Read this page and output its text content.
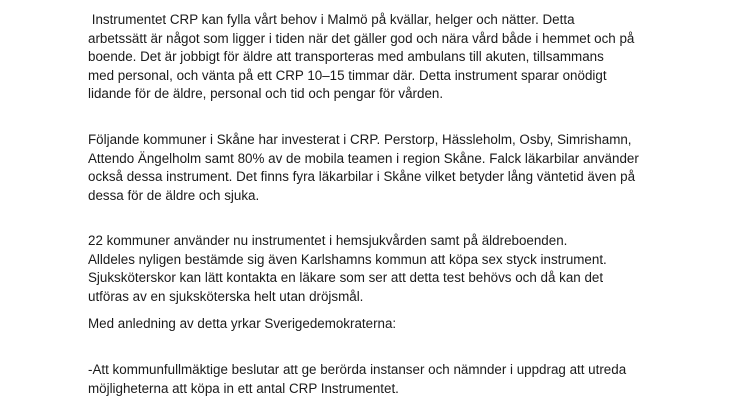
Instrumentet CRP kan fylla vårt behov i Malmö på kvällar, helger och nätter. Detta
arbetssätt är något som ligger i tiden när det gäller god och nära vård både i hemmet och på
boende. Det är jobbigt för äldre att transporteras med ambulans till akuten, tillsammans
med personal, och vänta på ett CRP 10–15 timmar där. Detta instrument sparar onödigt
lidande för de äldre, personal och tid och pengar för vården.

Följande kommuner i Skåne har investerat i CRP. Perstorp, Hässleholm, Osby, Simrishamn,
Attendo Ängelholm samt 80% av de mobila teamen i region Skåne. Falck läkarbilar använder
också dessa instrument. Det finns fyra läkarbilar i Skåne vilket betyder lång väntetid även på
dessa för de äldre och sjuka.

22 kommuner använder nu instrumentet i hemsjukvården samt på äldreboenden.
Alldeles nyligen bestämde sig även Karlshamns kommun att köpa sex styck instrument.
Sjuksköterskor kan lätt kontakta en läkare som ser att detta test behövs och då kan det
utföras av en sjuksköterska helt utan dröjsmål.

Med anledning av detta yrkar Sverigedemokraterna:

-Att kommunfullmäktige beslutar att ge berörda instanser och nämnder i uppdrag att utreda
möjligheterna att köpa in ett antal CRP Instrumentet.
